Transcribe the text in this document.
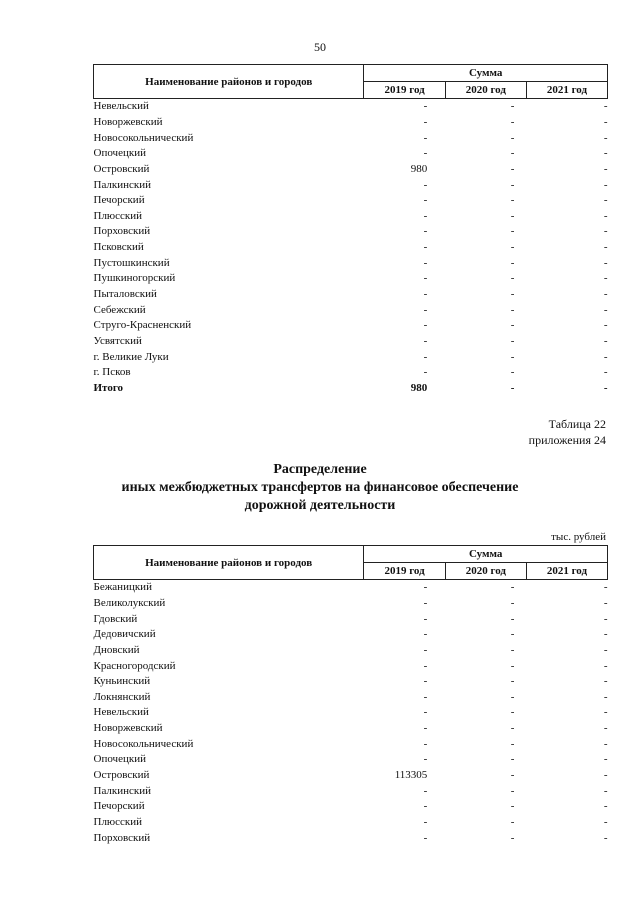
50
Наименование районов и городов	Сумма		
	2019 год	2020 год	2021 год
Невельский	-	-	-
Новоржевский	-	-	-
Новосокольнический	-	-	-
Опочецкий	-	-	-
Островский	980	-	-
Палкинский	-	-	-
Печорский	-	-	-
Плюсский	-	-	-
Порховский	-	-	-
Псковский	-	-	-
Пустошкинский	-	-	-
Пушкиногорский	-	-	-
Пыталовский	-	-	-
Себежский	-	-	-
Струго-Красненский	-	-	-
Усвятский	-	-	-
г. Великие Луки	-	-	-
г. Псков	-	-	-
Итого	980	-	-
Таблица 22
приложения 24
Распределение
иных межбюджетных трансфертов на финансовое обеспечение
дорожной деятельности
тыс. рублей
Наименование районов и городов	Сумма		
	2019 год	2020 год	2021 год
Бежаницкий	-	-	-
Великолукский	-	-	-
Гдовский	-	-	-
Дедовичский	-	-	-
Дновский	-	-	-
Красногородский	-	-	-
Куньинский	-	-	-
Локнянский	-	-	-
Невельский	-	-	-
Новоржевский	-	-	-
Новосокольнический	-	-	-
Опочецкий	-	-	-
Островский	113305	-	-
Палкинский	-	-	-
Печорский	-	-	-
Плюсский	-	-	-
Порховский	-	-	-
